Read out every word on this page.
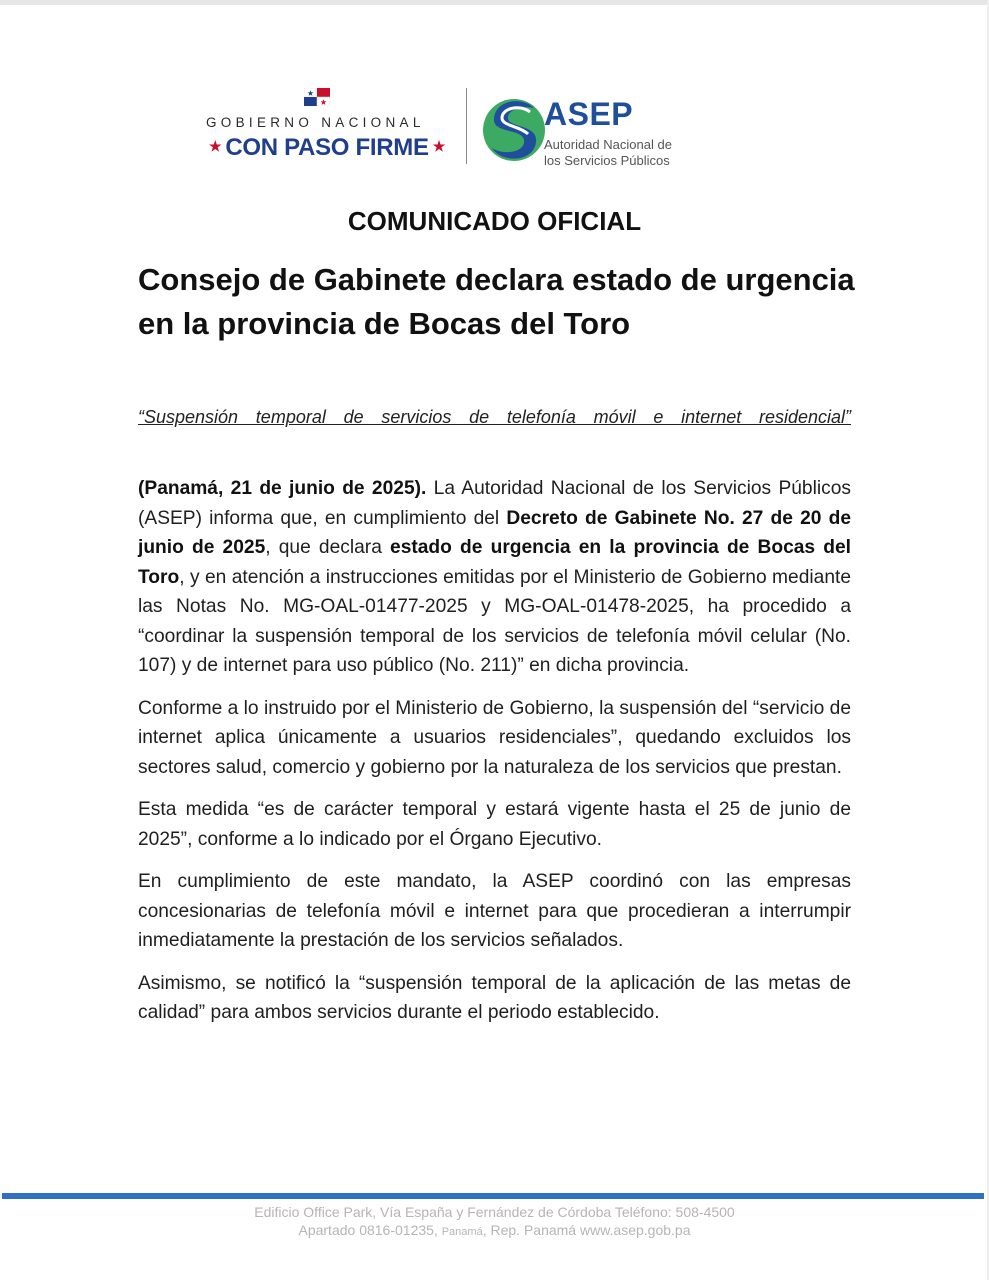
GOBIERNO NACIONAL
★ CON PASO FIRME ★
ASEP
Autoridad Nacional de
los Servicios Públicos
COMUNICADO OFICIAL
Consejo de Gabinete declara estado de urgencia en la provincia de Bocas del Toro
“Suspensión temporal de servicios de telefonía móvil e internet residencial”

(Panamá, 21 de junio de 2025). La Autoridad Nacional de los Servicios Públicos (ASEP) informa que, en cumplimiento del Decreto de Gabinete No. 27 de 20 de junio de 2025, que declara estado de urgencia en la provincia de Bocas del Toro, y en atención a instrucciones emitidas por el Ministerio de Gobierno mediante las Notas No. MG-OAL-01477-2025 y MG-OAL-01478-2025, ha procedido a “coordinar la suspensión temporal de los servicios de telefonía móvil celular (No. 107) y de internet para uso público (No. 211)” en dicha provincia.

Conforme a lo instruido por el Ministerio de Gobierno, la suspensión del “servicio de internet aplica únicamente a usuarios residenciales”, quedando excluidos los sectores salud, comercio y gobierno por la naturaleza de los servicios que prestan.

Esta medida “es de carácter temporal y estará vigente hasta el 25 de junio de 2025”, conforme a lo indicado por el Órgano Ejecutivo.

En cumplimiento de este mandato, la ASEP coordinó con las empresas concesionarias de telefonía móvil e internet para que procedieran a interrumpir inmediatamente la prestación de los servicios señalados.

Asimismo, se notificó la “suspensión temporal de la aplicación de las metas de calidad” para ambos servicios durante el periodo establecido.

Edificio Office Park, Vía España y Fernández de Córdoba Teléfono: 508-4500
Apartado 0816-01235, Panamá, Rep. Panamá www.asep.gob.pa
